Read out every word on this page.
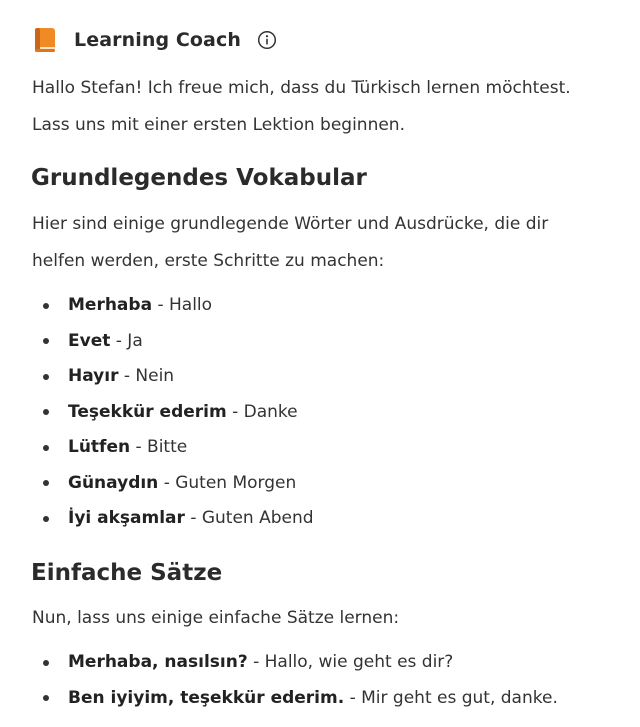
Learning Coach
Hallo Stefan! Ich freue mich, dass du Türkisch lernen möchtest.
Lass uns mit einer ersten Lektion beginnen.
Grundlegendes Vokabular
Hier sind einige grundlegende Wörter und Ausdrücke, die dir
helfen werden, erste Schritte zu machen:
Merhaba - Hallo
Evet - Ja
Hayır - Nein
Teşekkür ederim - Danke
Lütfen - Bitte
Günaydın - Guten Morgen
İyi akşamlar - Guten Abend
Einfache Sätze
Nun, lass uns einige einfache Sätze lernen:
Merhaba, nasılsın? - Hallo, wie geht es dir?
Ben iyiyim, teşekkür ederim. - Mir geht es gut, danke.
